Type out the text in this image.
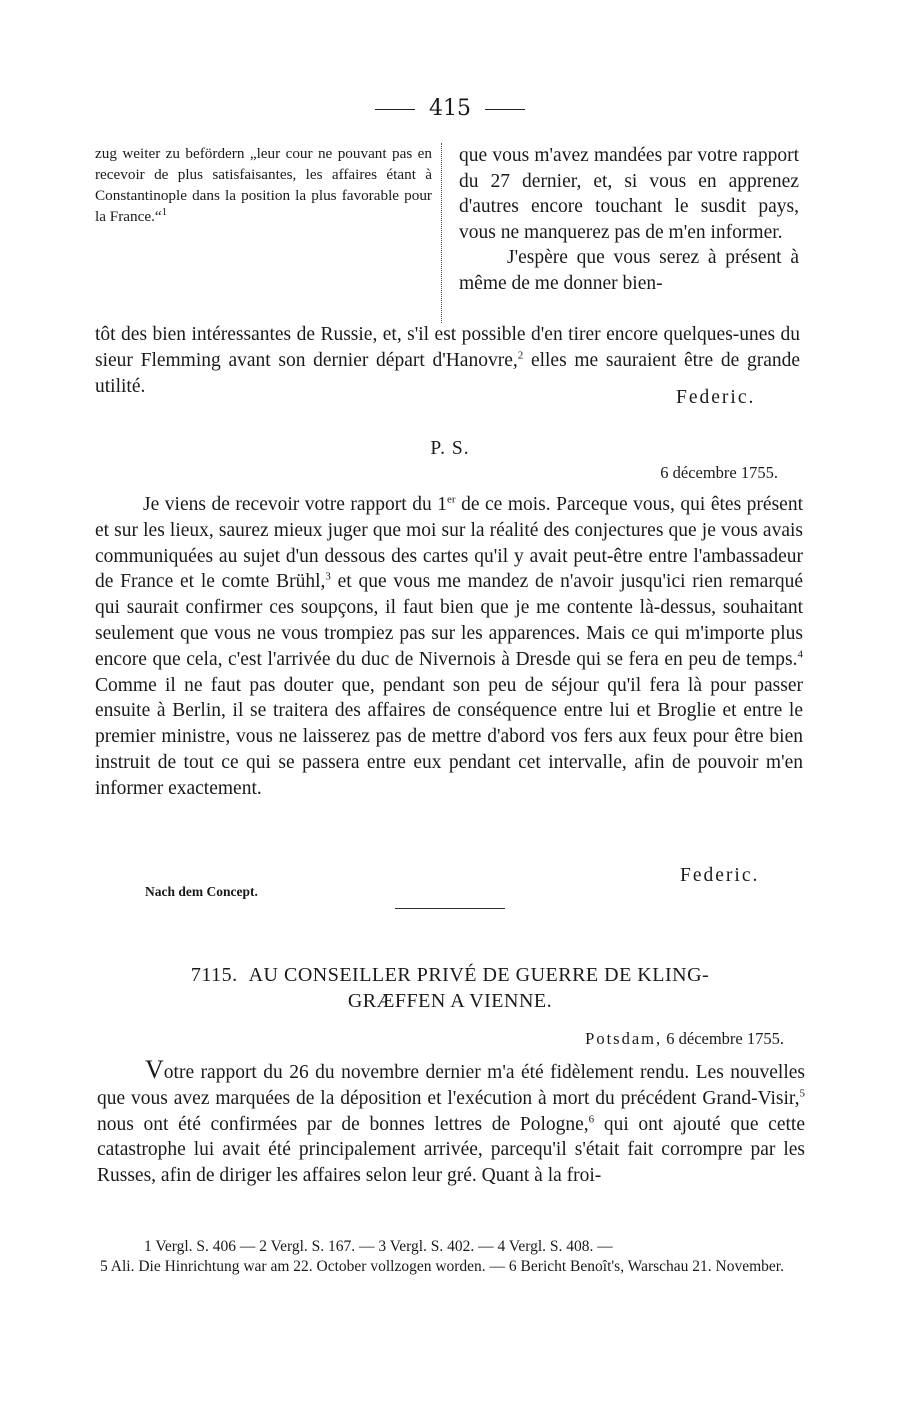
415

zug weiter zu befördern „leur cour ne pouvant pas en recevoir de plus satisfaisantes, les affaires étant à Constantinople dans la position la plus favorable pour la France.“$^1$

que vous m'avez mandées par votre rapport du 27 dernier, et, si vous en apprenez d'autres encore touchant le susdit pays, vous ne manquerez pas de m'en informer.

J'espère que vous serez à présent à même de me donner bien-

tôt des bien intéressantes de Russie, et, s'il est possible d'en tirer encore quelques-unes du sieur Flemming avant son dernier départ d'Hanovre,$^2$ elles me sauraient être de grande utilité.

Federic.
P. S.
6 décembre 1755.

Je viens de recevoir votre rapport du 1er de ce mois. Parceque vous, qui êtes présent et sur les lieux, saurez mieux juger que moi sur la réalité des conjectures que je vous avais communiquées au sujet d'un dessous des cartes qu'il y avait peut-être entre l'ambassadeur de France et le comte Brühl,$^3$ et que vous me mandez de n'avoir jusqu'ici rien remarqué qui saurait confirmer ces soupçons, il faut bien que je me contente là-dessus, souhaitant seulement que vous ne vous trompiez pas sur les apparences. Mais ce qui m'importe plus encore que cela, c'est l'arrivée du duc de Nivernois à Dresde qui se fera en peu de temps.$^4$ Comme il ne faut pas douter que, pendant son peu de séjour qu'il fera là pour passer ensuite à Berlin, il se traitera des affaires de conséquence entre lui et Broglie et entre le premier ministre, vous ne laisserez pas de mettre d'abord vos fers aux feux pour être bien instruit de tout ce qui se passera entre eux pendant cet intervalle, afin de pouvoir m'en informer exactement.

Federic.
Nach dem Concept.
7115. AU CONSEILLER PRIVÉ DE GUERRE DE KLING-
GRÆFFEN A VIENNE.
Potsdam, 6 décembre 1755.

Votre rapport du 26 du novembre dernier m'a été fidèlement rendu. Les nouvelles que vous avez marquées de la déposition et l'exécution à mort du précédent Grand-Visir,$^5$ nous ont été confirmées par de bonnes lettres de Pologne,$^6$ qui ont ajouté que cette catastrophe lui avait été principalement arrivée, parcequ'il s'était fait corrompre par les Russes, afin de diriger les affaires selon leur gré. Quant à la froi-

1 Vergl. S. 406 — 2 Vergl. S. 167. — 3 Vergl. S. 402. — 4 Vergl. S. 408. —

5 Ali. Die Hinrichtung war am 22. October vollzogen worden. — 6 Bericht Benoît's, Warschau 21. November.
